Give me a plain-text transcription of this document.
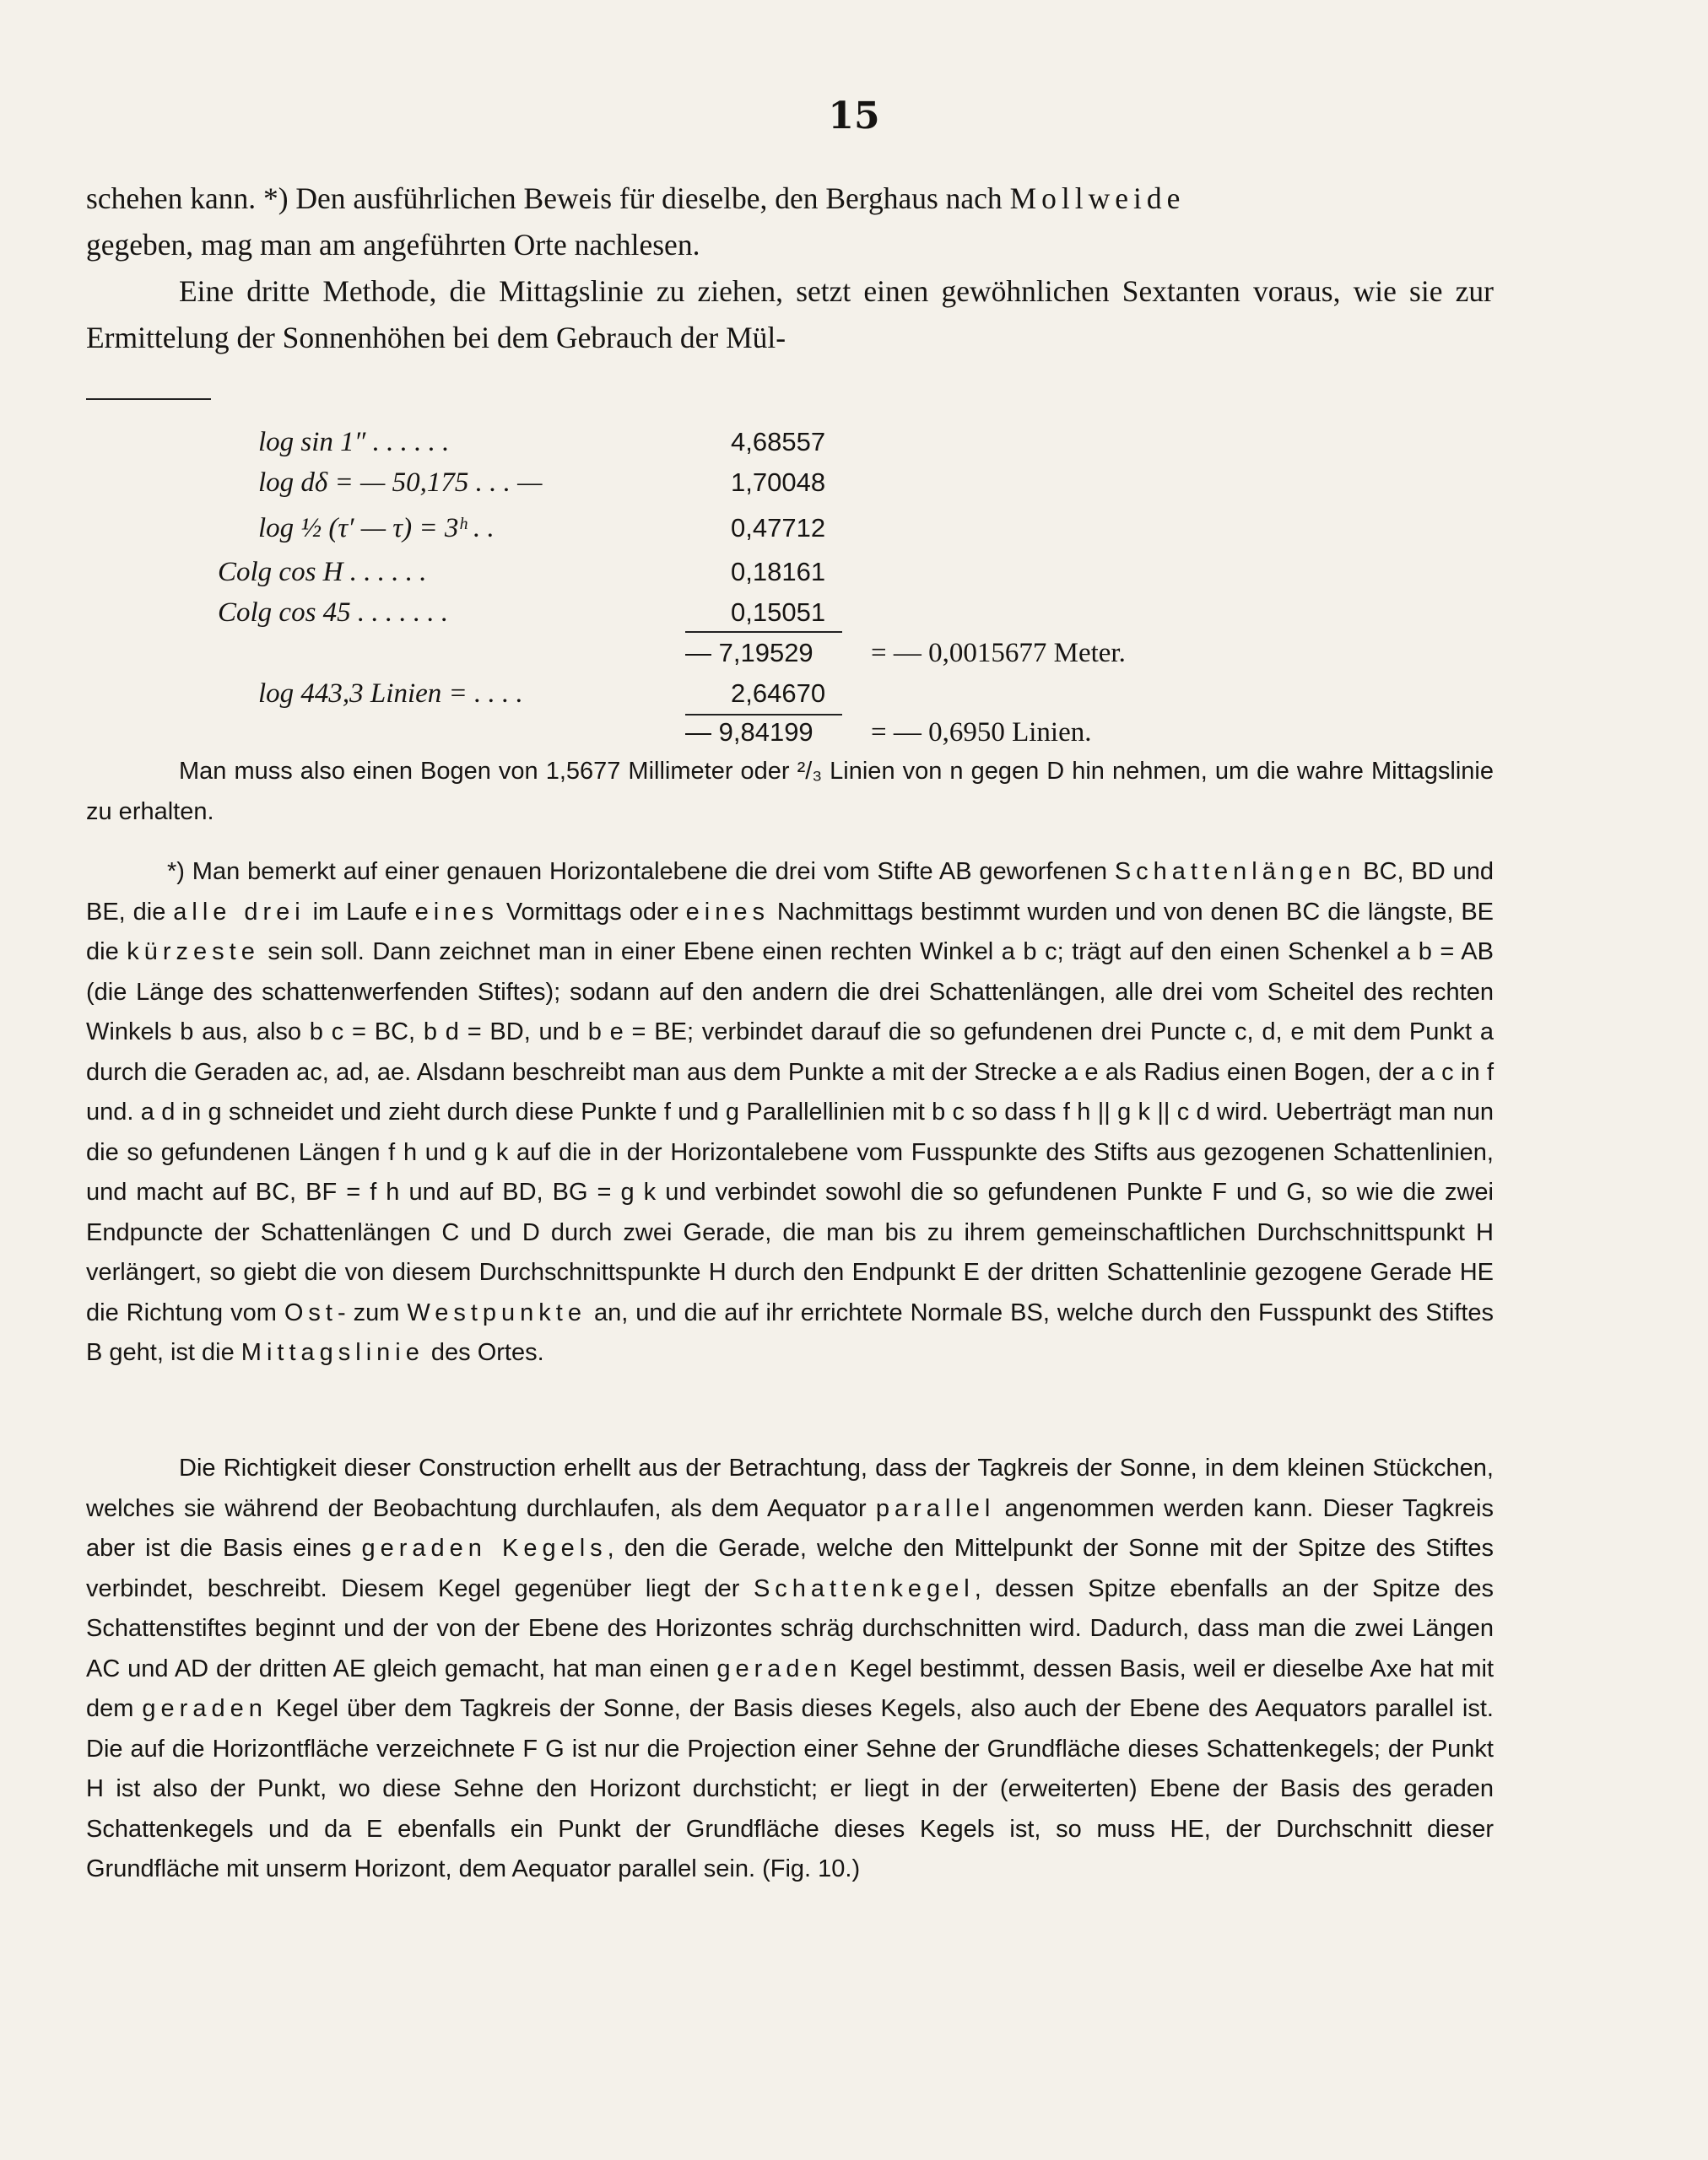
15

schehen kann. *) Den ausführlichen Beweis für dieselbe, den Berghaus nach Mollweide

gegeben, mag man am angeführten Orte nachlesen.

Eine dritte Methode, die Mittagslinie zu ziehen, setzt einen gewöhnlichen Sextanten voraus, wie sie zur Ermittelung der Sonnenhöhen bei dem Gebrauch der Mül-

log sin 1″ . . . . . .	4,68557
log dδ = — 50,175 . . . —	1,70048
log ½ (τ′ — τ) = 3ʰ . .	0,47712
Colg cos H . . . . . .	0,18161
Colg cos 45 . . . . . . .	0,15051
— 7,19529 = — 0,0015677 Meter.
log 443,3 Linien = . . . .	2,64670
— 9,84199 = — 0,6950 Linien.

Man muss also einen Bogen von 1,5677 Millimeter oder ²/₃ Linien von n gegen D hin nehmen, um die wahre Mittagslinie zu erhalten.

*) Man bemerkt auf einer genauen Horizontalebene die drei vom Stifte AB geworfenen Schattenlängen BC, BD und BE, die alle drei im Laufe eines Vormittags oder eines Nachmittags bestimmt wurden und von denen BC die längste, BE die kürzeste sein soll. Dann zeichnet man in einer Ebene einen rechten Winkel a b c; trägt auf den einen Schenkel a b = AB (die Länge des schattenwerfenden Stiftes); sodann auf den andern die drei Schattenlängen, alle drei vom Scheitel des rechten Winkels b aus, also b c = BC, b d = BD, und b e = BE; verbindet darauf die so gefundenen drei Puncte c, d, e mit dem Punkt a durch die Geraden ac, ad, ae. Alsdann beschreibt man aus dem Punkte a mit der Strecke a e als Radius einen Bogen, der a c in f und. a d in g schneidet und zieht durch diese Punkte f und g Parallellinien mit b c so dass f h || g k || c d wird. Ueberträgt man nun die so gefundenen Längen f h und g k auf die in der Horizontalebene vom Fusspunkte des Stifts aus gezogenen Schattenlinien, und macht auf BC, BF = f h und auf BD, BG = g k und verbindet sowohl die so gefundenen Punkte F und G, so wie die zwei Endpuncte der Schattenlängen C und D durch zwei Gerade, die man bis zu ihrem gemeinschaftlichen Durchschnittspunkt H verlängert, so giebt die von diesem Durchschnittspunkte H durch den Endpunkt E der dritten Schattenlinie gezogene Gerade HE die Richtung vom Ost- zum Westpunkte an, und die auf ihr errichtete Normale BS, welche durch den Fusspunkt des Stiftes B geht, ist die Mittagslinie des Ortes.

Die Richtigkeit dieser Construction erhellt aus der Betrachtung, dass der Tagkreis der Sonne, in dem kleinen Stückchen, welches sie während der Beobachtung durchlaufen, als dem Aequator parallel angenommen werden kann. Dieser Tagkreis aber ist die Basis eines geraden Kegels, den die Gerade, welche den Mittelpunkt der Sonne mit der Spitze des Stiftes verbindet, beschreibt. Diesem Kegel gegenüber liegt der Schattenkegel, dessen Spitze ebenfalls an der Spitze des Schattenstiftes beginnt und der von der Ebene des Horizontes schräg durchschnitten wird. Dadurch, dass man die zwei Längen AC und AD der dritten AE gleich gemacht, hat man einen geraden Kegel bestimmt, dessen Basis, weil er dieselbe Axe hat mit dem geraden Kegel über dem Tagkreis der Sonne, der Basis dieses Kegels, also auch der Ebene des Aequators parallel ist. Die auf die Horizontfläche verzeichnete F G ist nur die Projection einer Sehne der Grundfläche dieses Schattenkegels; der Punkt H ist also der Punkt, wo diese Sehne den Horizont durchsticht; er liegt in der (erweiterten) Ebene der Basis des geraden Schattenkegels und da E ebenfalls ein Punkt der Grundfläche dieses Kegels ist, so muss HE, der Durchschnitt dieser Grundfläche mit unserm Horizont, dem Aequator parallel sein. (Fig. 10.)
